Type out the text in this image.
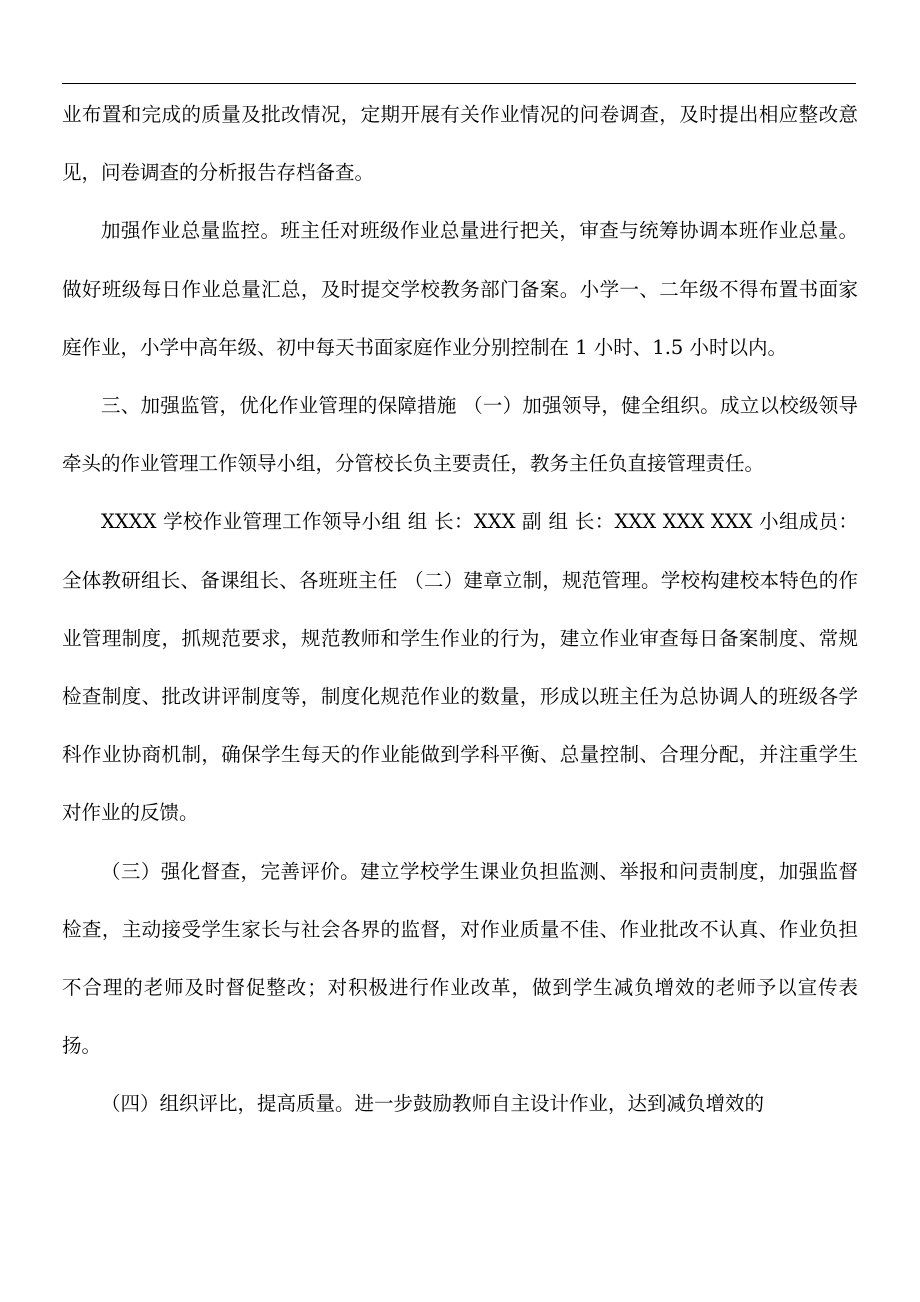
业布置和完成的质量及批改情况，定期开展有关作业情况的问卷调查，及时提出相应整改意见，问卷调查的分析报告存档备查。

加强作业总量监控。班主任对班级作业总量进行把关，审查与统筹协调本班作业总量。做好班级每日作业总量汇总，及时提交学校教务部门备案。小学一、二年级不得布置书面家庭作业，小学中高年级、初中每天书面家庭作业分别控制在 1 小时、1.5 小时以内。

三、加强监管，优化作业管理的保障措施 （一）加强领导，健全组织。成立以校级领导牵头的作业管理工作领导小组，分管校长负主要责任，教务主任负直接管理责任。

XXXX 学校作业管理工作领导小组 组 长：XXX 副 组 长：XXX XXX XXX 小组成员：全体教研组长、备课组长、各班班主任 （二）建章立制，规范管理。学校构建校本特色的作业管理制度，抓规范要求，规范教师和学生作业的行为，建立作业审查每日备案制度、常规检查制度、批改讲评制度等，制度化规范作业的数量，形成以班主任为总协调人的班级各学科作业协商机制，确保学生每天的作业能做到学科平衡、总量控制、合理分配，并注重学生对作业的反馈。

（三）强化督查，完善评价。建立学校学生课业负担监测、举报和问责制度，加强监督检查，主动接受学生家长与社会各界的监督，对作业质量不佳、作业批改不认真、作业负担不合理的老师及时督促整改；对积极进行作业改革，做到学生减负增效的老师予以宣传表扬。

（四）组织评比，提高质量。进一步鼓励教师自主设计作业，达到减负增效的
